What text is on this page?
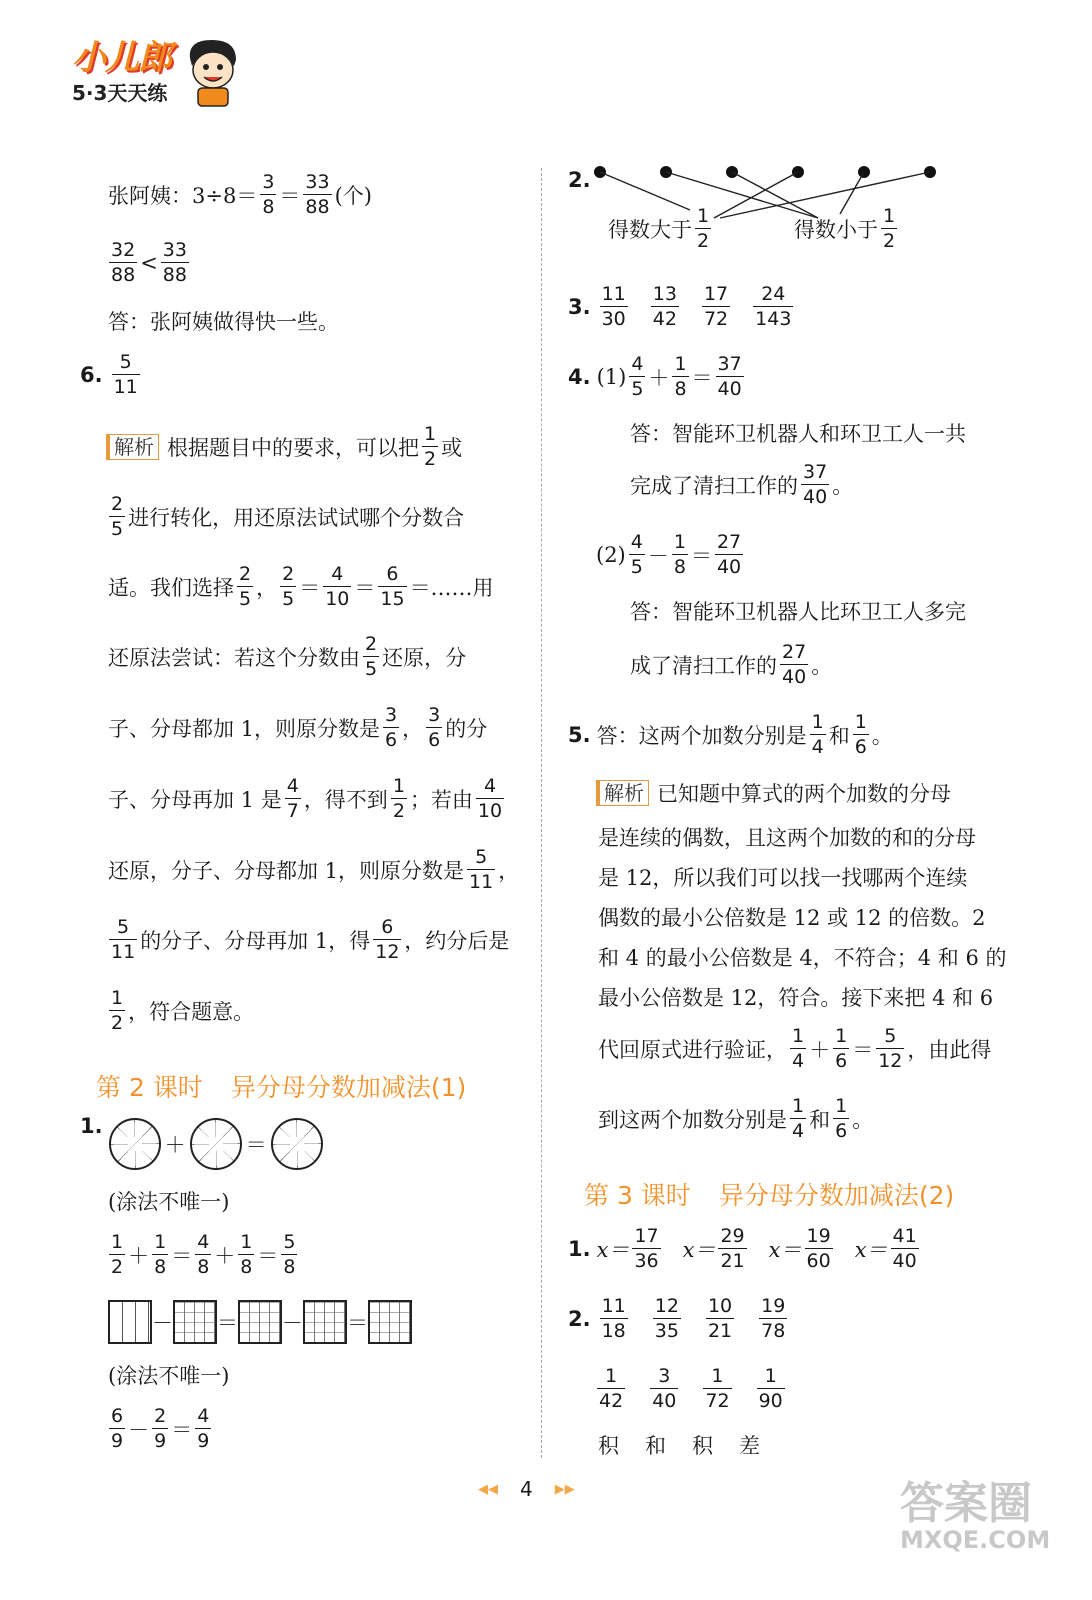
小儿郎
5·3天天练
张阿姨：$3\div 8= \frac{3}{8} = \frac{33}{88}$ (个)
$\frac{32}{88} < \frac{33}{88}$
答：张阿姨做得快一些。
6. $\frac{5}{11}$
解析 根据题目中的要求，可以把 $\frac{1}{2}$ 或
$\frac{2}{5}$ 进行转化，用还原法试试哪个分数合
适。我们选择 $\frac{2}{5}$ ， $\frac{2}{5} = \frac{4}{10} = \frac{6}{15}$ ＝……用
还原法尝试：若这个分数由 $\frac{2}{5}$ 还原，分
子、分母都加 1，则原分数是 $\frac{3}{6}$ ， $\frac{3}{6}$ 的分
子、分母再加 1 是 $\frac{4}{7}$ ，得不到 $\frac{1}{2}$ ；若由 $\frac{4}{10}$
还原，分子、分母都加 1，则原分数是 $\frac{5}{11}$ ，
$\frac{5}{11}$ 的分子、分母再加 1，得 $\frac{6}{12}$ ，约分后是
$\frac{1}{2}$ ，符合题意。
第 2 课时 异分母分数加减法(1)
1.
＋	＝
(涂法不唯一)
$\frac{1}{2} + \frac{1}{8} = \frac{4}{8} + \frac{1}{8} = \frac{5}{8}$
－ ＝ － ＝
(涂法不唯一)
$\frac{6}{9} - \frac{2}{9} = \frac{4}{9}$
2.
得数大于 $\frac{1}{2}$	得数小于 $\frac{1}{2}$
3. $\frac{11}{30} \frac{13}{42} \frac{17}{72} \frac{24}{143}$
4. $(1) \frac{4}{5} + \frac{1}{8} = \frac{37}{40}$
答：智能环卫机器人和环卫工人一共
完成了清扫工作的 $\frac{37}{40}$ 。
$(2) \frac{4}{5} - \frac{1}{8} = \frac{27}{40}$
答：智能环卫机器人比环卫工人多完
成了清扫工作的 $\frac{27}{40}$ 。
5. 答：这两个加数分别是 $\frac{1}{4}$ 和 $\frac{1}{6}$ 。
解析 已知题中算式的两个加数的分母
是连续的偶数，且这两个加数的和的分母
是 12，所以我们可以找一找哪两个连续
偶数的最小公倍数是 12 或 12 的倍数。2
和 4 的最小公倍数是 4，不符合；4 和 6 的
最小公倍数是 12，符合。接下来把 4 和 6
代回原式进行验证， $\frac{1}{4} + \frac{1}{6} = \frac{5}{12}$ ，由此得
到这两个加数分别是 $\frac{1}{4}$ 和 $\frac{1}{6}$ 。
第 3 课时 异分母分数加减法(2)
1. $x= \frac{17}{36} x= \frac{29}{21} x= \frac{19}{60} x= \frac{41}{40}$
2. $\frac{11}{18} \frac{12}{35} \frac{10}{21} \frac{19}{78}$
$\frac{1}{42} \frac{3}{40} \frac{1}{72} \frac{1}{90}$
积 和 积 差
◀◀ 4 ▶▶	答案圈
MXQE.COM
